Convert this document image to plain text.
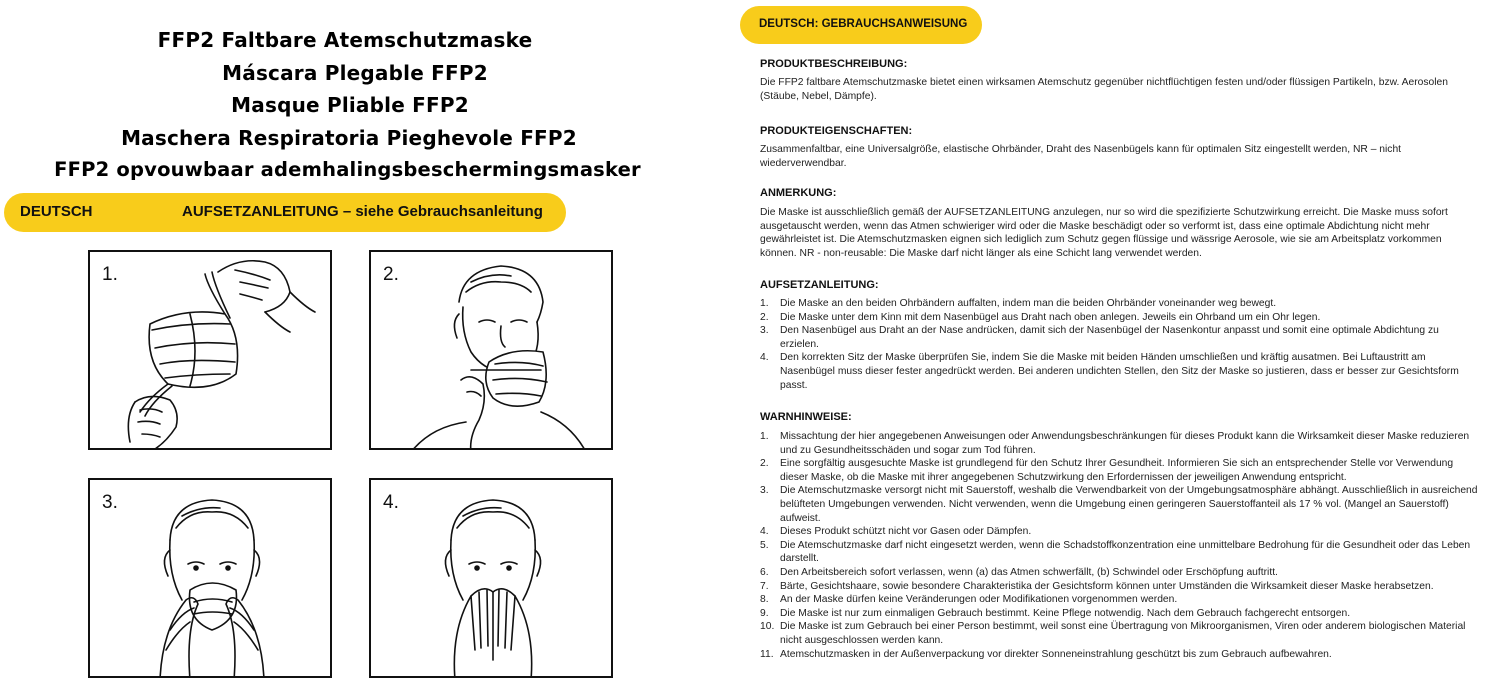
FFP2 Faltbare Atemschutzmaske
Máscara Plegable FFP2
Masque Pliable FFP2
Maschera Respiratoria Pieghevole FFP2
FFP2 opvouwbaar ademhalingsbeschermingsmasker
DEUTSCH	AUFSETZANLEITUNG – siehe Gebrauchsanleitung
1.	2.
3.	4.
DEUTSCH: GEBRAUCHSANWEISUNG
PRODUKTBESCHREIBUNG:
Die FFP2 faltbare Atemschutzmaske bietet einen wirksamen Atemschutz gegenüber nichtflüchtigen festen und/oder flüssigen Partikeln, bzw. Aerosolen (Stäube, Nebel, Dämpfe).
PRODUKTEIGENSCHAFTEN:
Zusammenfaltbar, eine Universalgröße, elastische Ohrbänder, Draht des Nasenbügels kann für optimalen Sitz eingestellt werden, NR – nicht wiederverwendbar.
ANMERKUNG:
Die Maske ist ausschließlich gemäß der AUFSETZANLEITUNG anzulegen, nur so wird die spezifizierte Schutzwirkung erreicht. Die Maske muss sofort ausgetauscht werden, wenn das Atmen schwieriger wird oder die Maske beschädigt oder so verformt ist, dass eine optimale Abdichtung nicht mehr gewährleistet ist. Die Atemschutzmasken eignen sich lediglich zum Schutz gegen flüssige und wässrige Aerosole, wie sie am Arbeitsplatz vorkommen können. NR - non-reusable: Die Maske darf nicht länger als eine Schicht lang verwendet werden.
AUFSETZANLEITUNG:
1. Die Maske an den beiden Ohrbändern auffalten, indem man die beiden Ohrbänder voneinander weg bewegt.
2. Die Maske unter dem Kinn mit dem Nasenbügel aus Draht nach oben anlegen. Jeweils ein Ohrband um ein Ohr legen.
3. Den Nasenbügel aus Draht an der Nase andrücken, damit sich der Nasenbügel der Nasenkontur anpasst und somit eine optimale Abdichtung zu erzielen.
4. Den korrekten Sitz der Maske überprüfen Sie, indem Sie die Maske mit beiden Händen umschließen und kräftig ausatmen. Bei Luftaustritt am Nasenbügel muss dieser fester angedrückt werden. Bei anderen undichten Stellen, den Sitz der Maske so justieren, dass er besser zur Gesichtsform passt.
WARNHINWEISE:
1. Missachtung der hier angegebenen Anweisungen oder Anwendungsbeschränkungen für dieses Produkt kann die Wirksamkeit dieser Maske reduzieren und zu Gesundheitsschäden und sogar zum Tod führen.
2. Eine sorgfältig ausgesuchte Maske ist grundlegend für den Schutz Ihrer Gesundheit. Informieren Sie sich an entsprechender Stelle vor Verwendung dieser Maske, ob die Maske mit ihrer angegebenen Schutzwirkung den Erfordernissen der jeweiligen Anwendung entspricht.
3. Die Atemschutzmaske versorgt nicht mit Sauerstoff, weshalb die Verwendbarkeit von der Umgebungsatmosphäre abhängt. Ausschließlich in ausreichend belüfteten Umgebungen verwenden. Nicht verwenden, wenn die Umgebung einen geringeren Sauerstoffanteil als 17 % vol. (Mangel an Sauerstoff) aufweist.
4. Dieses Produkt schützt nicht vor Gasen oder Dämpfen.
5. Die Atemschutzmaske darf nicht eingesetzt werden, wenn die Schadstoffkonzentration eine unmittelbare Bedrohung für die Gesundheit oder das Leben darstellt.
6. Den Arbeitsbereich sofort verlassen, wenn (a) das Atmen schwerfällt, (b) Schwindel oder Erschöpfung auftritt.
7. Bärte, Gesichtshaare, sowie besondere Charakteristika der Gesichtsform können unter Umständen die Wirksamkeit dieser Maske herabsetzen.
8. An der Maske dürfen keine Veränderungen oder Modifikationen vorgenommen werden.
9. Die Maske ist nur zum einmaligen Gebrauch bestimmt. Keine Pflege notwendig. Nach dem Gebrauch fachgerecht entsorgen.
10. Die Maske ist zum Gebrauch bei einer Person bestimmt, weil sonst eine Übertragung von Mikroorganismen, Viren oder anderem biologischen Material nicht ausgeschlossen werden kann.
11. Atemschutzmasken in der Außenverpackung vor direkter Sonneneinstrahlung geschützt bis zum Gebrauch aufbewahren.
